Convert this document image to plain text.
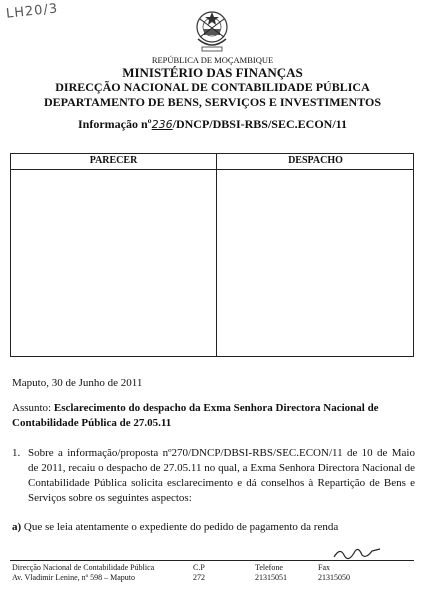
LH20/3
REPÚBLICA DE MOÇAMBIQUE
MINISTÉRIO DAS FINANÇAS
DIRECÇÃO NACIONAL DE CONTABILIDADE PÚBLICA
DEPARTAMENTO DE BENS, SERVIÇOS E INVESTIMENTOS
Informação nº236/DNCP/DBSI-RBS/SEC.ECON/11
PARECER	DESPACHO
Maputo, 30 de Junho de 2011
Assunto: Esclarecimento do despacho da Exma Senhora Directora Nacional de Contabilidade Pública de 27.05.11
1. Sobre a informação/proposta nº270/DNCP/DBSI-RBS/SEC.ECON/11 de 10 de Maio de 2011, recaiu o despacho de 27.05.11 no qual, a Exma Senhora Directora Nacional de Contabilidade Pública solicita esclarecimento e dá conselhos à Repartição de Bens e Serviços sobre os seguintes aspectos:
a) Que se leia atentamente o expediente do pedido de pagamento da renda
Direcção Nacional de Contabilidade Pública
Av. Vladimir Lenine, nº 598 – Maputo
C.P
272
Telefone
21315051
Fax
21315050
